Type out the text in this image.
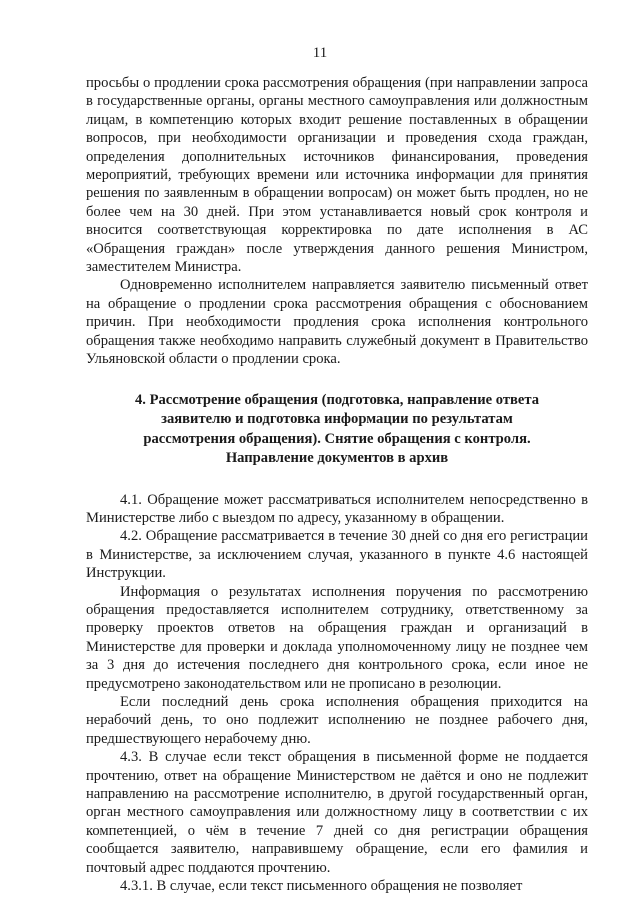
11

просьбы о продлении срока рассмотрения обращения (при направлении запроса в государственные органы, органы местного самоуправления или должностным лицам, в компетенцию которых входит решение поставленных в обращении вопросов, при необходимости организации и проведения схода граждан, определения дополнительных источников финансирования, проведения мероприятий, требующих времени или источника информации для принятия решения по заявленным в обращении вопросам) он может быть продлен, но не более чем на 30 дней. При этом устанавливается новый срок контроля и вносится соответствующая корректировка по дате исполнения в АС «Обращения граждан» после утверждения данного решения Министром, заместителем Министра.

Одновременно исполнителем направляется заявителю письменный ответ на обращение о продлении срока рассмотрения обращения с обоснованием причин. При необходимости продления срока исполнения контрольного обращения также необходимо направить служебный документ в Правительство Ульяновской области о продлении срока.

4. Рассмотрение обращения (подготовка, направление ответа заявителю и подготовка информации по результатам рассмотрения обращения). Снятие обращения с контроля. Направление документов в архив

4.1. Обращение может рассматриваться исполнителем непосредственно в Министерстве либо с выездом по адресу, указанному в обращении.

4.2. Обращение рассматривается в течение 30 дней со дня его регистрации в Министерстве, за исключением случая, указанного в пункте 4.6 настоящей Инструкции.

Информация о результатах исполнения поручения по рассмотрению обращения предоставляется исполнителем сотруднику, ответственному за проверку проектов ответов на обращения граждан и организаций в Министерстве для проверки и доклада уполномоченному лицу не позднее чем за 3 дня до истечения последнего дня контрольного срока, если иное не предусмотрено законодательством или не прописано в резолюции.

Если последний день срока исполнения обращения приходится на нерабочий день, то оно подлежит исполнению не позднее рабочего дня, предшествующего нерабочему дню.

4.3. В случае если текст обращения в письменной форме не поддается прочтению, ответ на обращение Министерством не даётся и оно не подлежит направлению на рассмотрение исполнителю, в другой государственный орган, орган местного самоуправления или должностному лицу в соответствии с их компетенцией, о чём в течение 7 дней со дня регистрации обращения сообщается заявителю, направившему обращение, если его фамилия и почтовый адрес поддаются прочтению.

4.3.1. В случае, если текст письменного обращения не позволяет
